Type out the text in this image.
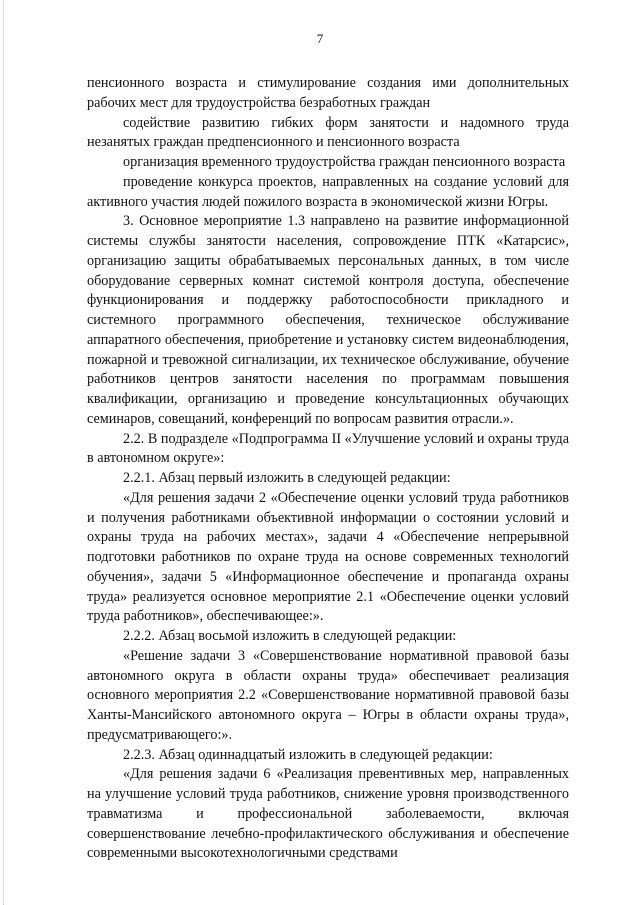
7

пенсионного возраста и стимулирование создания ими дополнительных рабочих мест для трудоустройства безработных граждан

содействие развитию гибких форм занятости и надомного труда незанятых граждан предпенсионного и пенсионного возраста

организация временного трудоустройства граждан пенсионного возраста

проведение конкурса проектов, направленных на создание условий для активного участия людей пожилого возраста в экономической жизни Югры.

3. Основное мероприятие 1.3 направлено на развитие информационной системы службы занятости населения, сопровождение ПТК «Катарсис», организацию защиты обрабатываемых персональных данных, в том числе оборудование серверных комнат системой контроля доступа, обеспечение функционирования и поддержку работоспособности прикладного и системного программного обеспечения, техническое обслуживание аппаратного обеспечения, приобретение и установку систем видеонаблюдения, пожарной и тревожной сигнализации, их техническое обслуживание, обучение работников центров занятости населения по программам повышения квалификации, организацию и проведение консультационных обучающих семинаров, совещаний, конференций по вопросам развития отрасли.».

2.2. В подразделе «Подпрограмма II «Улучшение условий и охраны труда в автономном округе»:

2.2.1. Абзац первый изложить в следующей редакции:

«Для решения задачи 2 «Обеспечение оценки условий труда работников и получения работниками объективной информации о состоянии условий и охраны труда на рабочих местах», задачи 4 «Обеспечение непрерывной подготовки работников по охране труда на основе современных технологий обучения», задачи 5 «Информационное обеспечение и пропаганда охраны труда» реализуется основное мероприятие 2.1 «Обеспечение оценки условий труда работников», обеспечивающее:».

2.2.2. Абзац восьмой изложить в следующей редакции:

«Решение задачи 3 «Совершенствование нормативной правовой базы автономного округа в области охраны труда» обеспечивает реализация основного мероприятия 2.2 «Совершенствование нормативной правовой базы Ханты-Мансийского автономного округа – Югры в области охраны труда», предусматривающего:».

2.2.3. Абзац одиннадцатый изложить в следующей редакции:

«Для решения задачи 6 «Реализация превентивных мер, направленных на улучшение условий труда работников, снижение уровня производственного травматизма и профессиональной заболеваемости, включая совершенствование лечебно-профилактического обслуживания и обеспечение современными высокотехнологичными средствами
